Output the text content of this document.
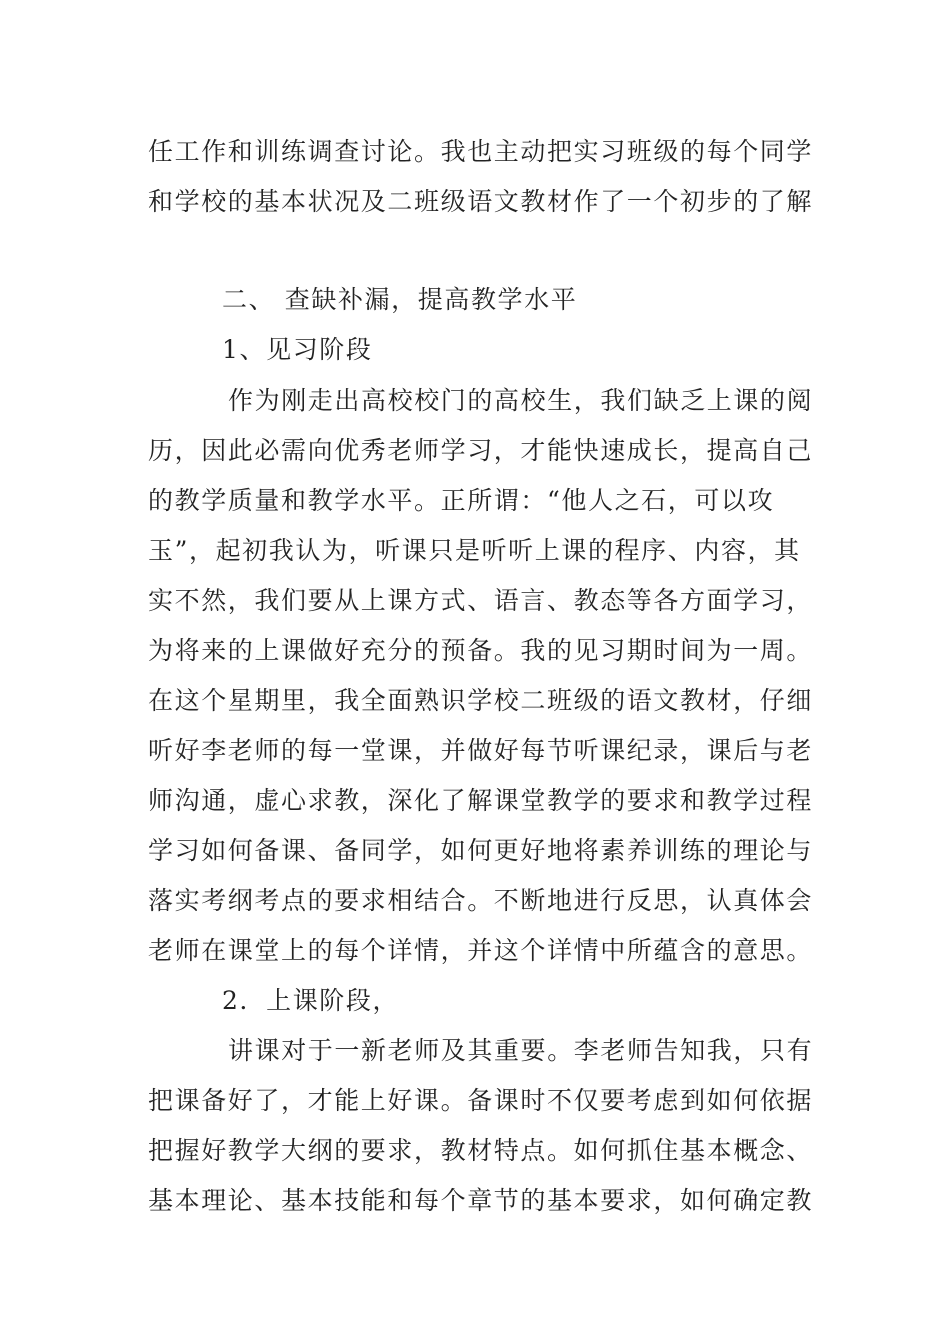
任工作和训练调查讨论。我也主动把实习班级的每个同学
和学校的基本状况及二班级语文教材作了一个初步的了解
二、 查缺补漏，提高教学水平
1、见习阶段
作为刚走出高校校门的高校生，我们缺乏上课的阅
历，因此必需向优秀老师学习，才能快速成长，提高自己
的教学质量和教学水平。正所谓：“他人之石，可以攻
玉”，起初我认为，听课只是听听上课的程序、内容，其
实不然，我们要从上课方式、语言、教态等各方面学习，
为将来的上课做好充分的预备。我的见习期时间为一周。
在这个星期里，我全面熟识学校二班级的语文教材，仔细
听好李老师的每一堂课，并做好每节听课纪录，课后与老
师沟通，虚心求教，深化了解课堂教学的要求和教学过程
学习如何备课、备同学，如何更好地将素养训练的理论与
落实考纲考点的要求相结合。不断地进行反思，认真体会
老师在课堂上的每个详情，并这个详情中所蕴含的意思。
2．上课阶段，
讲课对于一新老师及其重要。李老师告知我，只有
把课备好了，才能上好课。备课时不仅要考虑到如何依据
把握好教学大纲的要求，教材特点。如何抓住基本概念、
基本理论、基本技能和每个章节的基本要求，如何确定教
